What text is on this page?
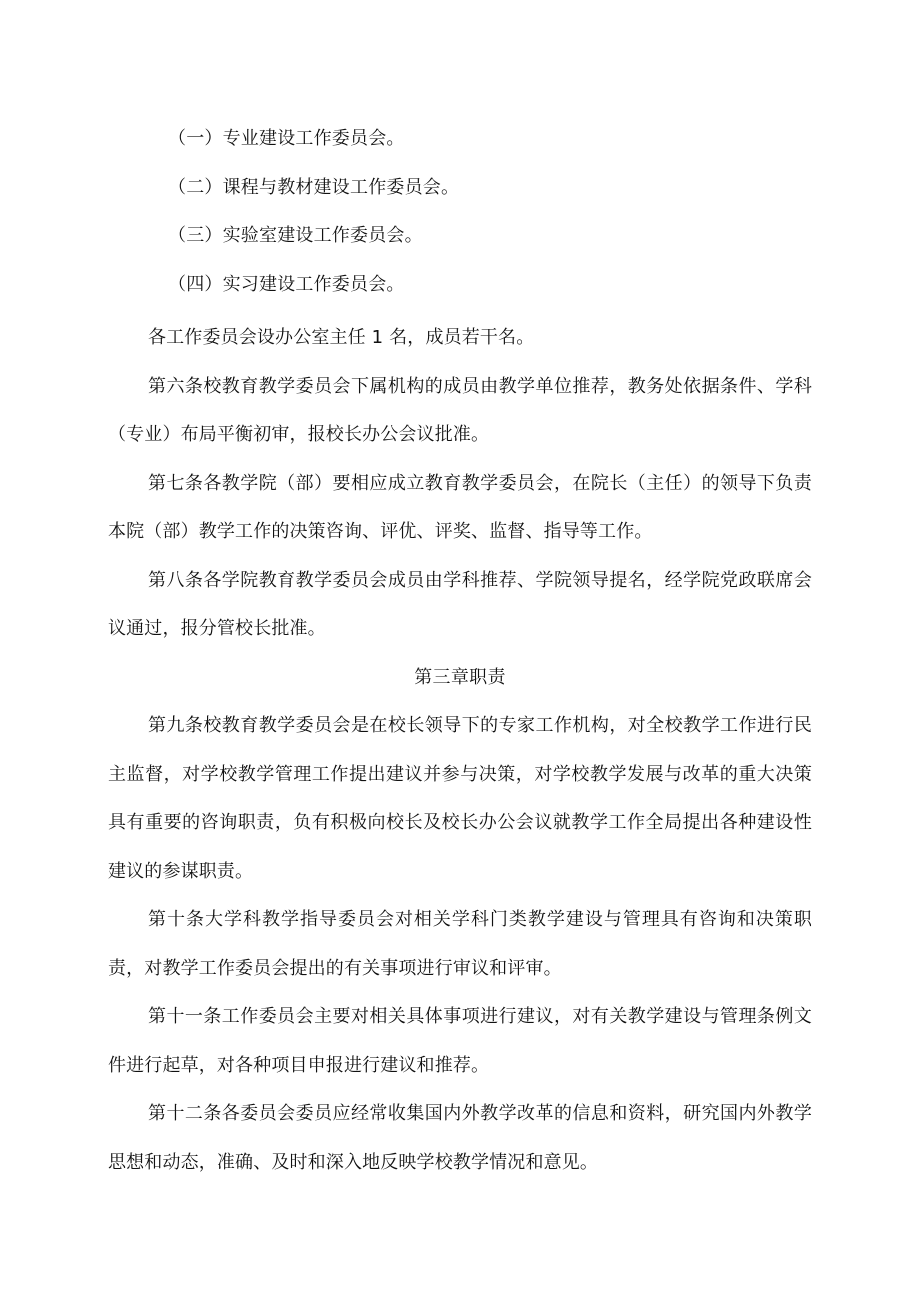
（一）专业建设工作委员会。

（二）课程与教材建设工作委员会。

（三）实验室建设工作委员会。

（四）实习建设工作委员会。

各工作委员会设办公室主任 1 名，成员若干名。

第六条校教育教学委员会下属机构的成员由教学单位推荐，教务处依据条件、学科（专业）布局平衡初审，报校长办公会议批准。

第七条各教学院（部）要相应成立教育教学委员会，在院长（主任）的领导下负责本院（部）教学工作的决策咨询、评优、评奖、监督、指导等工作。

第八条各学院教育教学委员会成员由学科推荐、学院领导提名，经学院党政联席会议通过，报分管校长批准。

第三章职责

第九条校教育教学委员会是在校长领导下的专家工作机构，对全校教学工作进行民主监督，对学校教学管理工作提出建议并参与决策，对学校教学发展与改革的重大决策具有重要的咨询职责，负有积极向校长及校长办公会议就教学工作全局提出各种建设性建议的参谋职责。

第十条大学科教学指导委员会对相关学科门类教学建设与管理具有咨询和决策职责，对教学工作委员会提出的有关事项进行审议和评审。

第十一条工作委员会主要对相关具体事项进行建议，对有关教学建设与管理条例文件进行起草，对各种项目申报进行建议和推荐。

第十二条各委员会委员应经常收集国内外教学改革的信息和资料，研究国内外教学思想和动态，准确、及时和深入地反映学校教学情况和意见。
